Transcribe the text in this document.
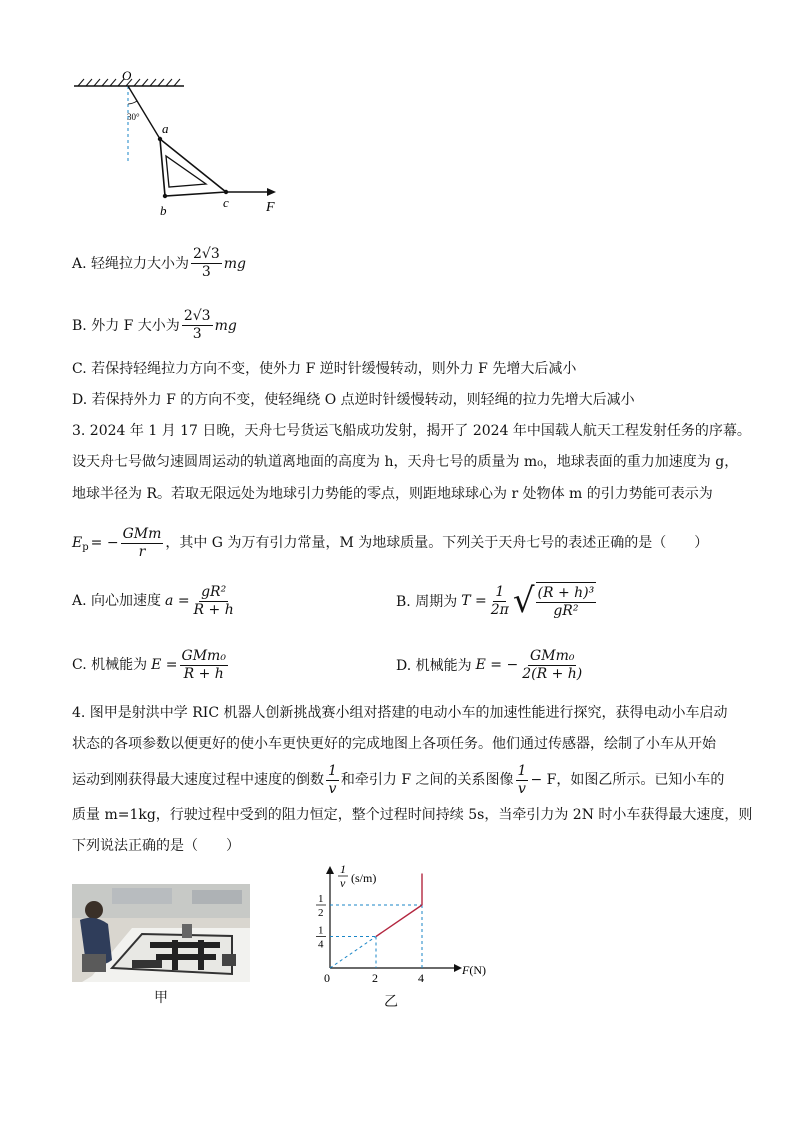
O
30°
a
b
c	F
A. 轻绳拉力大小为 $\frac{2√3}{3}$ mg
B. 外力 F 大小为 $\frac{2√3}{3}$ mg
C. 若保持轻绳拉力方向不变，使外力 F 逆时针缓慢转动，则外力 F 先增大后减小
D. 若保持外力 F 的方向不变，使轻绳绕 O 点逆时针缓慢转动，则轻绳的拉力先增大后减小
3. 2024 年 1 月 17 日晚，天舟七号货运飞船成功发射，揭开了 2024 年中国载人航天工程发射任务的序幕。
设天舟七号做匀速圆周运动的轨道离地面的高度为 h，天舟七号的质量为 m₀，地球表面的重力加速度为 g，
地球半径为 R。若取无限远处为地球引力势能的零点，则距地球球心为 r 处物体 m 的引力势能可表示为
$E_p$ = − $\frac{\text{GMm}}{r}$ ，其中 G 为万有引力常量，M 为地球质量。下列关于天舟七号的表述正确的是（　　）
A. 向心加速度 $a = \frac{\text{gR²}}{R + h}$	B. 周期为 $T = \frac{1}{2\pi}$ √ $\frac{\text{(R + h)³}}{\text{gR²}}$
C. 机械能为 $E = \frac{\text{GMm₀}}{R + h}$	D. 机械能为 E = − $\frac{\text{GMm₀}}{2(R + h)}$
4. 图甲是射洪中学 RIC 机器人创新挑战赛小组对搭建的电动小车的加速性能进行探究，获得电动小车启动
状态的各项参数以便更好的使小车更快更好的完成地图上各项任务。他们通过传感器，绘制了小车从开始
运动到刚获得最大速度过程中速度的倒数 $\frac{1}{v}$ 和牵引力 F 之间的关系图像 $\frac{1}{v} - F$，如图乙所示。已知小车的
质量 m=1kg，行驶过程中受到的阻力恒定，整个过程时间持续 5s，当牵引力为 2N 时小车获得最大速度，则
下列说法正确的是（　　）
甲
0	2	4
1
4
1
2
1
v (s/m)
F(N)
乙
